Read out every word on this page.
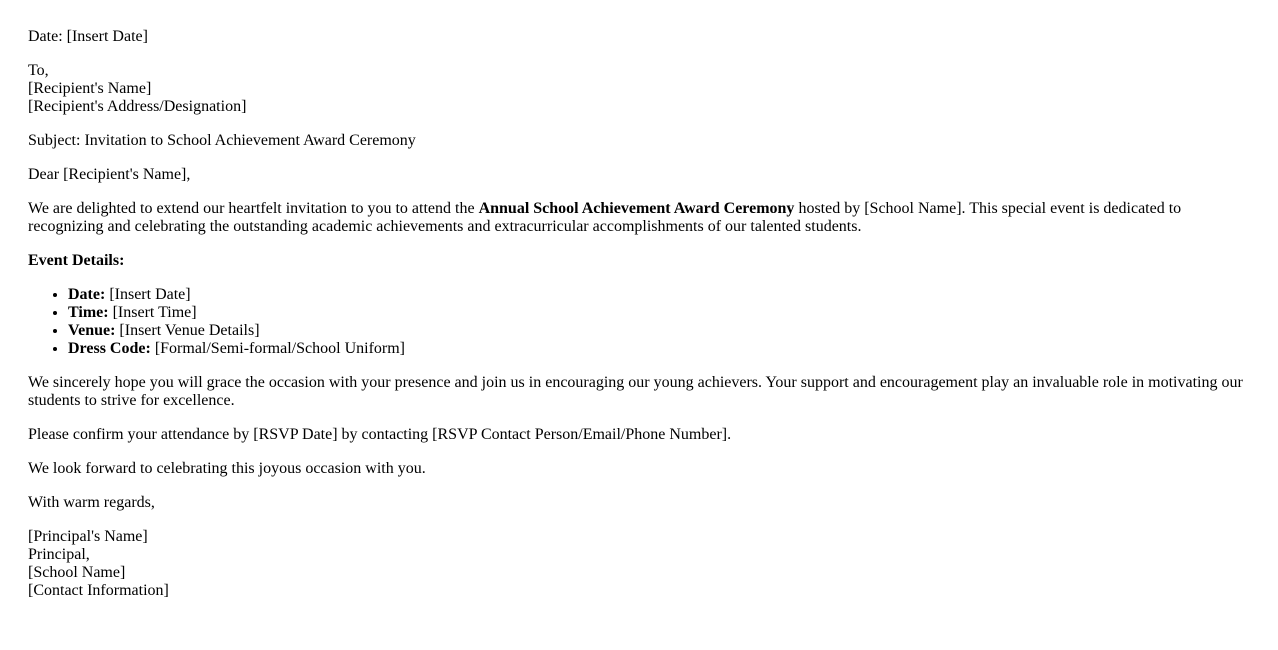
Date: [Insert Date]

To,
[Recipient's Name]
[Recipient's Address/Designation]

Subject: Invitation to School Achievement Award Ceremony

Dear [Recipient's Name],

We are delighted to extend our heartfelt invitation to you to attend the Annual School Achievement Award Ceremony hosted by [School Name]. This special event is dedicated to recognizing and celebrating the outstanding academic achievements and extracurricular accomplishments of our talented students.

Event Details:

• Date: [Insert Date]
• Time: [Insert Time]
• Venue: [Insert Venue Details]
• Dress Code: [Formal/Semi-formal/School Uniform]

We sincerely hope you will grace the occasion with your presence and join us in encouraging our young achievers. Your support and encouragement play an invaluable role in motivating our students to strive for excellence.

Please confirm your attendance by [RSVP Date] by contacting [RSVP Contact Person/Email/Phone Number].

We look forward to celebrating this joyous occasion with you.

With warm regards,

[Principal's Name]
Principal,
[School Name]
[Contact Information]
